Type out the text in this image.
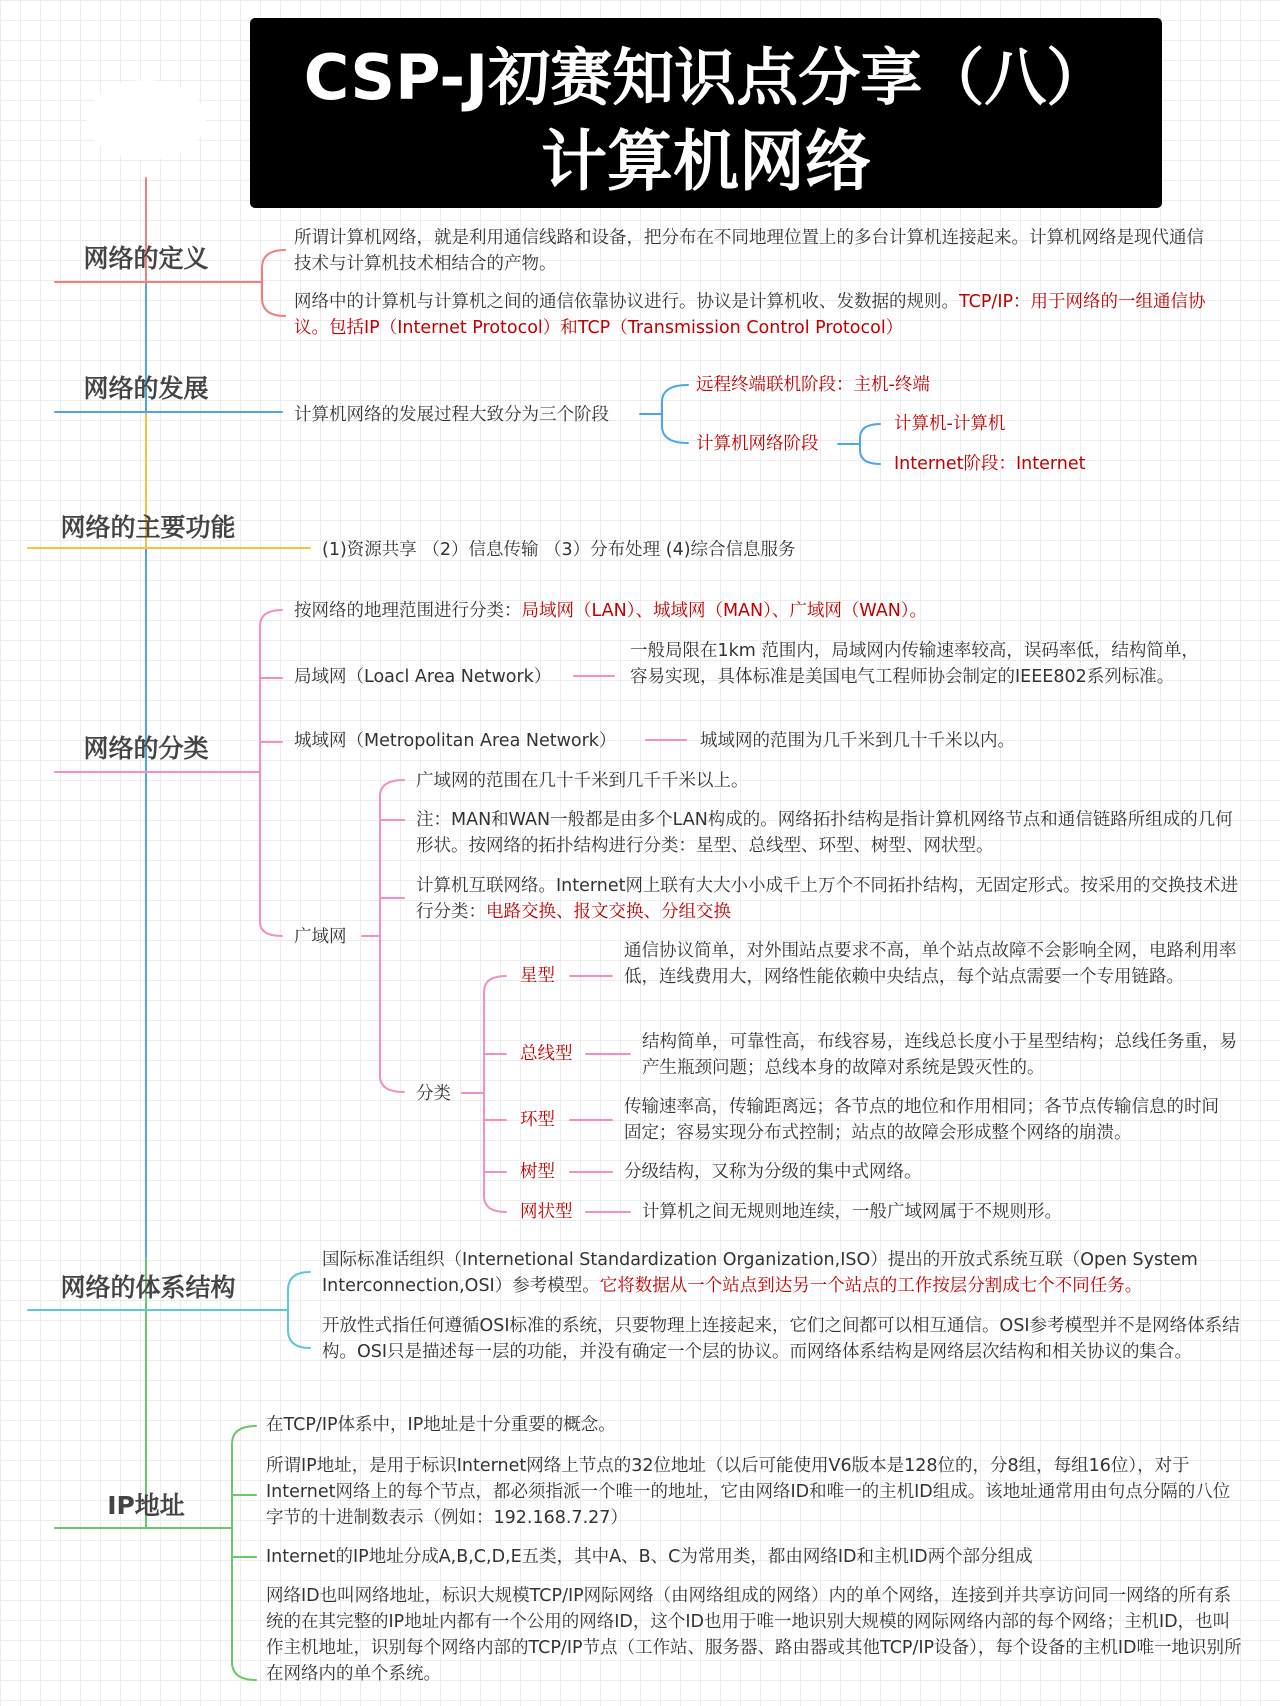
CSP-J初赛知识点分享（八）
计算机网络
网络的定义
所谓计算机网络，就是利用通信线路和设备，把分布在不同地理位置上的多台计算机连接起来。计算机网络是现代通信技术与计算机技术相结合的产物。
网络中的计算机与计算机之间的通信依靠协议进行。协议是计算机收、发数据的规则。TCP/IP：用于网络的一组通信协议。包括IP（Internet Protocol）和TCP（Transmission Control Protocol）
网络的发展
计算机网络的发展过程大致分为三个阶段
远程终端联机阶段：主机-终端
计算机网络阶段
计算机-计算机
Internet阶段：Internet
网络的主要功能
(1)资源共享 （2）信息传输 （3）分布处理 (4)综合信息服务
网络的分类
按网络的地理范围进行分类：局域网（LAN）、城域网（MAN）、广域网（WAN）。
局域网（Loacl Area Network）
一般局限在1km 范围内，局域网内传输速率较高，误码率低，结构简单，容易实现，具体标准是美国电气工程师协会制定的IEEE802系列标准。
城域网（Metropolitan Area Network）	城域网的范围为几千米到几十千米以内。
广域网
广域网的范围在几十千米到几千千米以上。
注：MAN和WAN一般都是由多个LAN构成的。网络拓扑结构是指计算机网络节点和通信链路所组成的几何形状。按网络的拓扑结构进行分类：星型、总线型、环型、树型、网状型。
计算机互联网络。Internet网上联有大大小小成千上万个不同拓扑结构，无固定形式。按采用的交换技术进行分类：电路交换、报文交换、分组交换
分类
星型
通信协议简单，对外围站点要求不高，单个站点故障不会影响全网，电路利用率低，连线费用大，网络性能依赖中央结点，每个站点需要一个专用链路。
总线型
结构简单，可靠性高，布线容易，连线总长度小于星型结构；总线任务重，易产生瓶颈问题；总线本身的故障对系统是毁灭性的。
环型
传输速率高，传输距离远；各节点的地位和作用相同；各节点传输信息的时间固定；容易实现分布式控制；站点的故障会形成整个网络的崩溃。
树型	分级结构，又称为分级的集中式网络。
网状型	计算机之间无规则地连续，一般广域网属于不规则形。
网络的体系结构
国际标准话组织（Internetional Standardization Organization,ISO）提出的开放式系统互联（Open System Interconnection,OSI）参考模型。它将数据从一个站点到达另一个站点的工作按层分割成七个不同任务。
开放性式指任何遵循OSI标准的系统，只要物理上连接起来，它们之间都可以相互通信。OSI参考模型并不是网络体系结构。OSI只是描述每一层的功能，并没有确定一个层的协议。而网络体系结构是网络层次结构和相关协议的集合。
IP地址
在TCP/IP体系中，IP地址是十分重要的概念。
所谓IP地址，是用于标识Internet网络上节点的32位地址（以后可能使用V6版本是128位的，分8组，每组16位），对于Internet网络上的每个节点，都必须指派一个唯一的地址，它由网络ID和唯一的主机ID组成。该地址通常用由句点分隔的八位字节的十进制数表示（例如：192.168.7.27）
Internet的IP地址分成A,B,C,D,E五类，其中A、B、C为常用类，都由网络ID和主机ID两个部分组成
网络ID也叫网络地址，标识大规模TCP/IP网际网络（由网络组成的网络）内的单个网络，连接到并共享访问同一网络的所有系统的在其完整的IP地址内都有一个公用的网络ID，这个ID也用于唯一地识别大规模的网际网络内部的每个网络；主机ID，也叫作主机地址，识别每个网络内部的TCP/IP节点（工作站、服务器、路由器或其他TCP/IP设备），每个设备的主机ID唯一地识别所在网络内的单个系统。
